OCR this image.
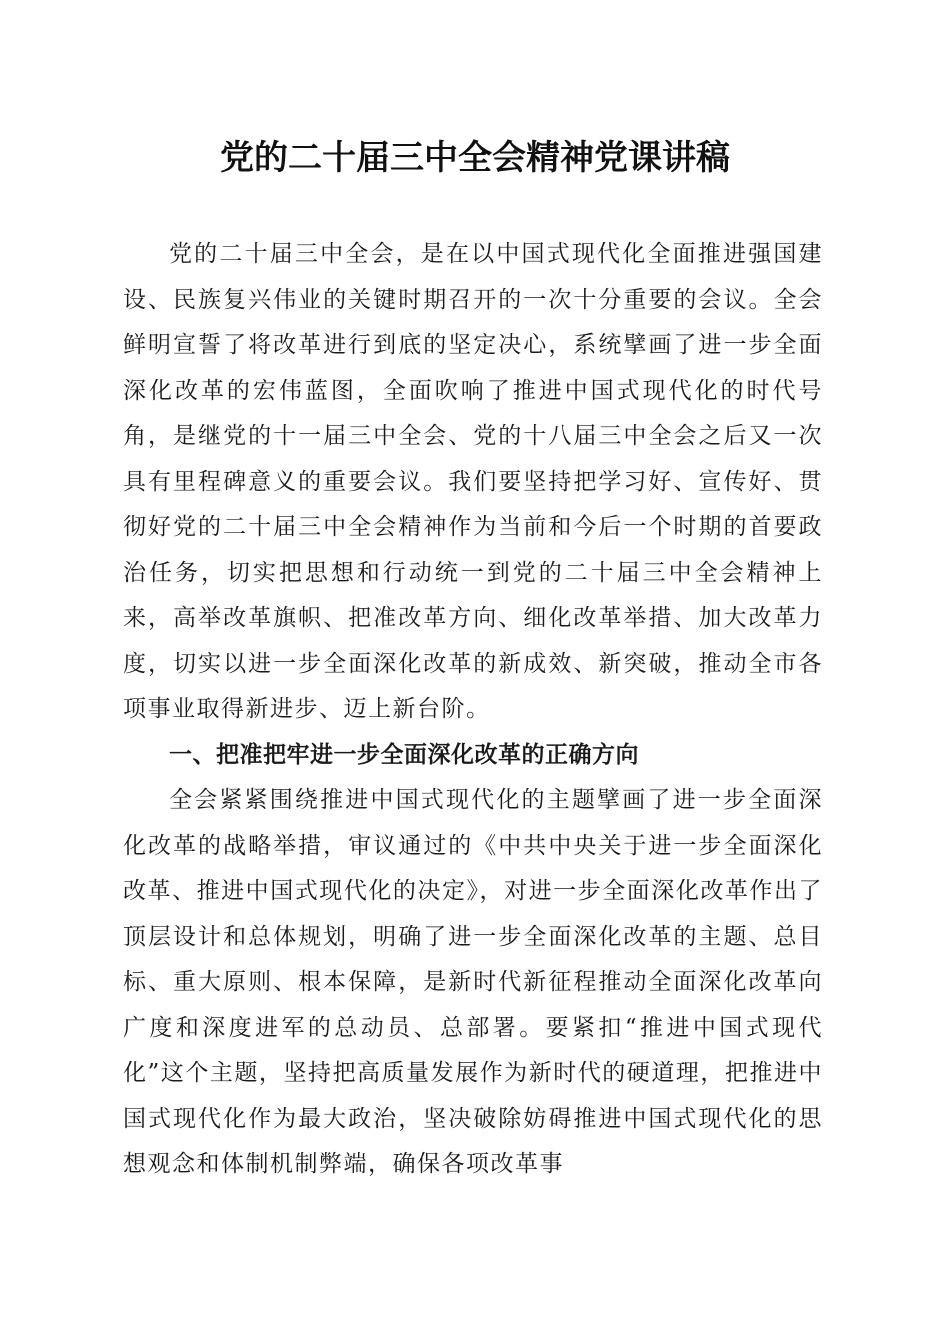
党的二十届三中全会精神党课讲稿

党的二十届三中全会，是在以中国式现代化全面推进强国建设、民族复兴伟业的关键时期召开的一次十分重要的会议。全会鲜明宣誓了将改革进行到底的坚定决心，系统擘画了进一步全面深化改革的宏伟蓝图，全面吹响了推进中国式现代化的时代号角，是继党的十一届三中全会、党的十八届三中全会之后又一次具有里程碑意义的重要会议。我们要坚持把学习好、宣传好、贯彻好党的二十届三中全会精神作为当前和今后一个时期的首要政治任务，切实把思想和行动统一到党的二十届三中全会精神上来，高举改革旗帜、把准改革方向、细化改革举措、加大改革力度，切实以进一步全面深化改革的新成效、新突破，推动全市各项事业取得新进步、迈上新台阶。

一、把准把牢进一步全面深化改革的正确方向

全会紧紧围绕推进中国式现代化的主题擘画了进一步全面深化改革的战略举措，审议通过的《中共中央关于进一步全面深化改革、推进中国式现代化的决定》，对进一步全面深化改革作出了顶层设计和总体规划，明确了进一步全面深化改革的主题、总目标、重大原则、根本保障，是新时代新征程推动全面深化改革向广度和深度进军的总动员、总部署。要紧扣“推进中国式现代化”这个主题，坚持把高质量发展作为新时代的硬道理，把推进中国式现代化作为最大政治，坚决破除妨碍推进中国式现代化的思想观念和体制机制弊端，确保各项改革事
